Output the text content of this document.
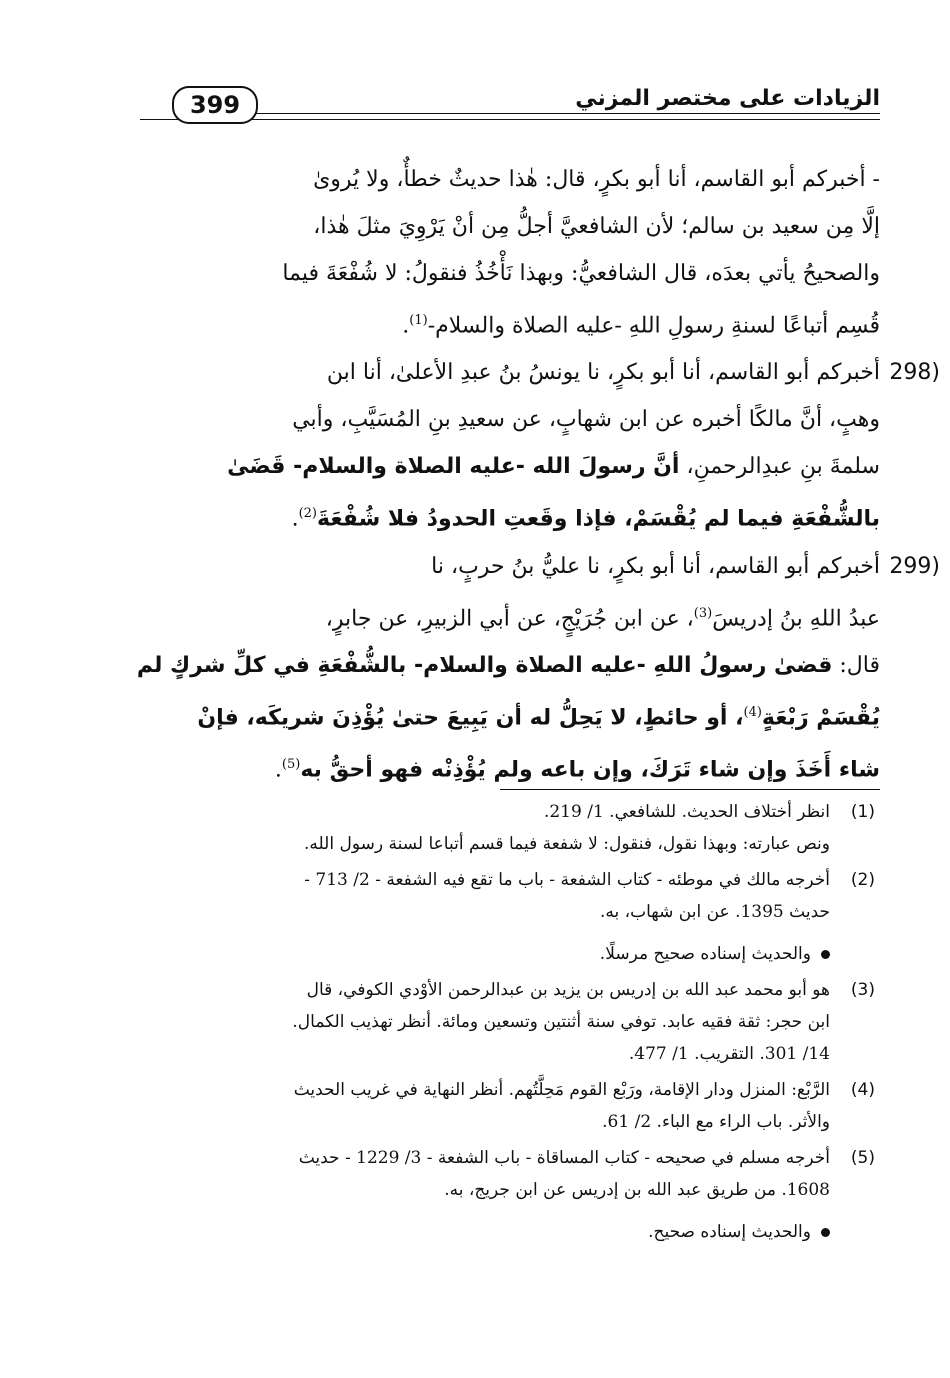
الزيادات على مختصر المزني
399
- أخبركم أبو القاسم، أنا أبو بكرٍ، قال: هٰذا حديثٌ خطأٌ، ولا يُروىٰ
إلَّا مِن سعيد بن سالم؛ لأن الشافعيَّ أجلُّ مِن أنْ يَرْوِيَ مثلَ هٰذا،
والصحيحُ يأتي بعدَه، قال الشافعيُّ: وبهذا نَأْخُذُ فنقولُ: لا شُفْعَةَ فيما
قُسِم أتباعًا لسنةِ رسولِ اللهِ -عليه الصلاة والسلام-$^{(1)}$.
298)
أخبركم أبو القاسم، أنا أبو بكرٍ، نا يونسُ بنُ عبدِ الأعلىٰ، أنا ابن
وهبٍ، أنَّ مالكًا أخبره عن ابن شهابٍ، عن سعيدِ بنِ المُسَيَّبِ، وأبي
سلمةَ بنِ عبدِالرحمنِ، أنَّ رسولَ الله -عليه الصلاة والسلام- قَضَىٰ
بالشُّفْعَةِ فيما لم يُقْسَمْ، فإذا وقَعتِ الحدودُ فلا شُفْعَةَ$^{(2)}$.
299)
أخبركم أبو القاسم، أنا أبو بكرٍ، نا عليُّ بنُ حربٍ، نا
عبدُ اللهِ بنُ إدريسَ$^{(3)}$، عن ابن جُرَيْجٍ، عن أبي الزبيرِ، عن جابرٍ،
قال: قضىٰ رسولُ اللهِ -عليه الصلاة والسلام- بالشُّفْعَةِ في كلِّ شركٍ لم
يُقْسَمْ رَبْعَةٍ$^{(4)}$، أو حائطٍ، لا يَحِلُّ له أن يَبِيعَ حتىٰ يُؤْذِنَ شريكَه، فإنْ
شاء أَخَذَ وإن شاء تَرَكَ، وإن باعه ولم يُؤْذِنْه فهو أحقُّ به$^{(5)}$.
(1)
انظر أختلاف الحديث. للشافعي. 1/ 219.
ونص عبارته: وبهذا نقول، فنقول: لا شفعة فيما قسم أتباعا لسنة رسول الله.
(2)
أخرجه مالك في موطئه - كتاب الشفعة - باب ما تقع فيه الشفعة - 2/ 713 -
حديث 1395. عن ابن شهاب، به.
والحديث إسناده صحيح مرسلًا.
(3)
هو أبو محمد عبد الله بن إدريس بن يزيد بن عبدالرحمن الأوْدي الكوفي، قال
ابن حجر: ثقة فقيه عابد. توفي سنة أثنتين وتسعين ومائة. أنظر تهذيب الكمال.
14/ 301. التقريب. 1/ 477.
(4)
الرَّبْع: المنزل ودار الإقامة، ورَبْع القوم مَحِلَّتُهم. أنظر النهاية في غريب الحديث
والأثر. باب الراء مع الباء. 2/ 61.
(5)
أخرجه مسلم في صحيحه - كتاب المساقاة - باب الشفعة - 3/ 1229 - حديث
1608. من طريق عبد الله بن إدريس عن ابن جريج، به.
والحديث إسناده صحيح.
